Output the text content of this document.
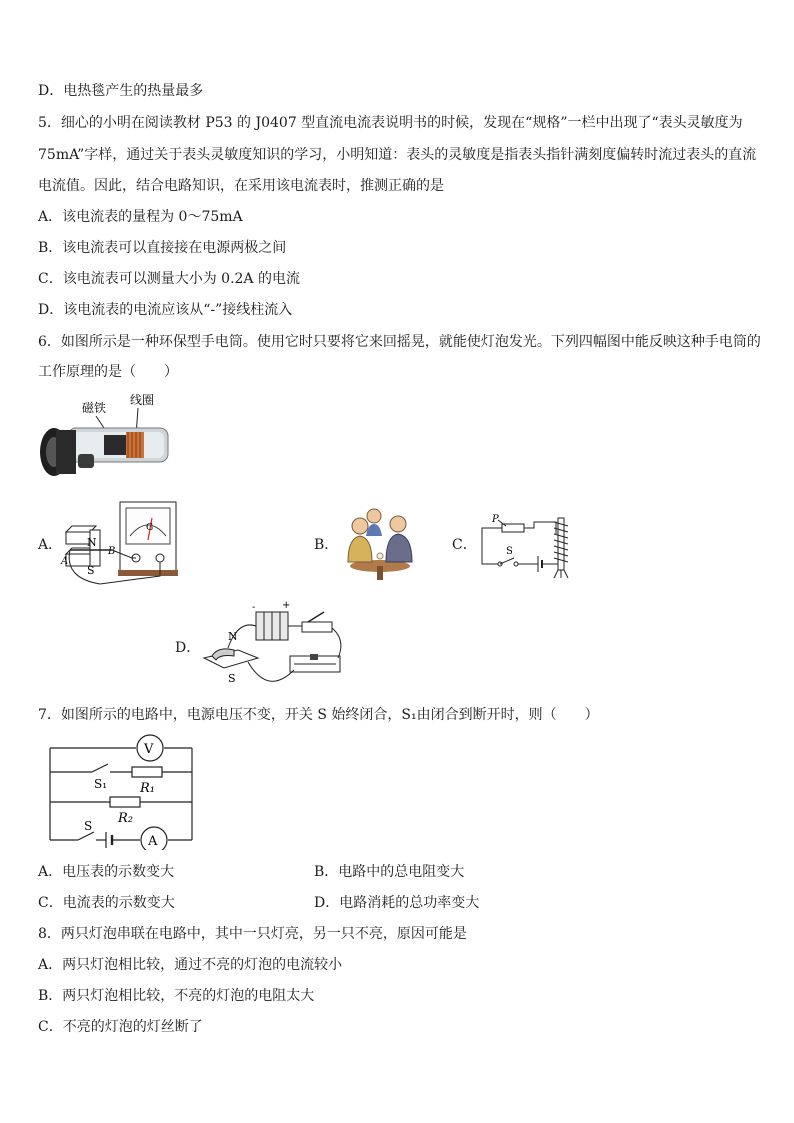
D．电热毯产生的热量最多
5．细心的小明在阅读教材 P53 的 J0407 型直流电流表说明书的时候，发现在“规格”一栏中出现了“表头灵敏度为
75mA”字样，通过关于表头灵敏度知识的学习，小明知道：表头的灵敏度是指表头指针满刻度偏转时流过表头的直流
电流值。因此，结合电路知识，在采用该电流表时，推测正确的是
A．该电流表的量程为 0～75mA
B．该电流表可以直接接在电源两极之间
C．该电流表可以测量大小为 0.2A 的电流
D．该电流表的电流应该从“-”接线柱流入
6．如图所示是一种环保型手电筒。使用它时只要将它来回摇晃，就能使灯泡发光。下列四幅图中能反映这种手电筒的
工作原理的是（　　）
磁铁
线圈
A．
G
N
S
A
B	B．	C．
P
S
D．
-	+
N
S
7．如图所示的电路中，电源电压不变，开关 S 始终闭合，S₁由闭合到断开时，则（　　）
V
S₁	R₁
R₂
S
A
A．电压表的示数变大	B．电路中的总电阻变大
C．电流表的示数变大	D．电路消耗的总功率变大
8．两只灯泡串联在电路中，其中一只灯亮，另一只不亮，原因可能是
A．两只灯泡相比较，通过不亮的灯泡的电流较小
B．两只灯泡相比较，不亮的灯泡的电阻太大
C．不亮的灯泡的灯丝断了
